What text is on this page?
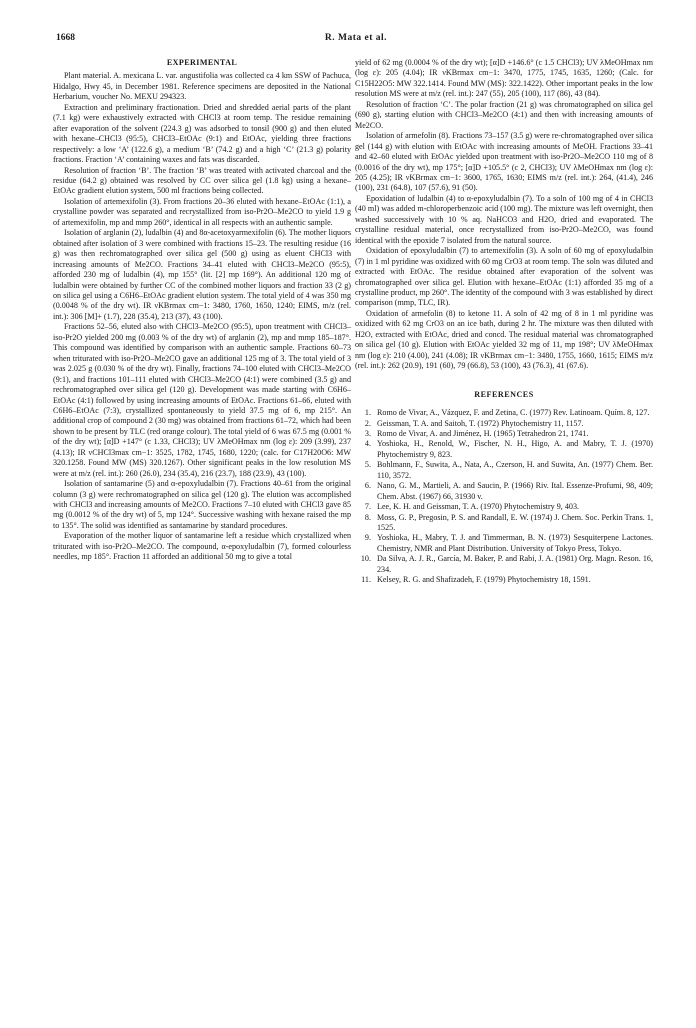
1668	R. Mata et al.
EXPERIMENTAL

Plant material. A. mexicana L. var. angustifolia was collected ca 4 km SSW of Pachuca, Hidalgo, Hwy 45, in December 1981. Reference specimens are deposited in the National Herbarium, voucher No. MEXU 294323.

Extraction and preliminary fractionation. Dried and shredded aerial parts of the plant (7.1 kg) were exhaustively extracted with CHCl3 at room temp. The residue remaining after evaporation of the solvent (224.3 g) was adsorbed to tonsil (900 g) and then eluted with hexane–CHCl3 (95:5), CHCl3–EtOAc (9:1) and EtOAc, yielding three fractions respectively: a low ‘A’ (122.6 g), a medium ‘B’ (74.2 g) and a high ‘C’ (21.3 g) polarity fractions. Fraction ‘A’ containing waxes and fats was discarded.

Resolution of fraction ‘B’. The fraction ‘B’ was treated with activated charcoal and the residue (64.2 g) obtained was resolved by CC over silica gel (1.8 kg) using a hexane–EtOAc gradient elution system, 500 ml fractions being collected.

Isolation of artemexifolin (3). From fractions 20–36 eluted with hexane–EtOAc (1:1), a crystalline powder was separated and recrystallized from iso-Pr2O–Me2CO to yield 1.9 g of artemexifolin, mp and mmp 260°, identical in all respects with an authentic sample.

Isolation of arglanin (2), ludalbin (4) and 8α-acetoxyarmexifolin (6). The mother liquors obtained after isolation of 3 were combined with fractions 15–23. The resulting residue (16 g) was then rechromatographed over silica gel (500 g) using as eluent CHCl3 with increasing amounts of Me2CO. Fractions 34–41 eluted with CHCl3–Me2CO (95:5), afforded 230 mg of ludalbin (4), mp 155° (lit. [2] mp 169°). An additional 120 mg of ludalbin were obtained by further CC of the combined mother liquors and fraction 33 (2 g) on silica gel using a C6H6–EtOAc gradient elution system. The total yield of 4 was 350 mg (0.0048 % of the dry wt). IR νKBrmax cm−1: 3480, 1760, 1650, 1240; EIMS, m/z (rel. int.): 306 [M]+ (1.7), 228 (35.4), 213 (37), 43 (100).

Fractions 52–56, eluted also with CHCl3–Me2CO (95:5), upon treatment with CHCl3–iso-Pr2O yielded 200 mg (0.003 % of the dry wt) of arglanin (2), mp and mmp 185–187°. This compound was identified by comparison with an authentic sample. Fractions 60–73 when triturated with iso-Pr2O–Me2CO gave an additional 125 mg of 3. The total yield of 3 was 2.025 g (0.030 % of the dry wt). Finally, fractions 74–100 eluted with CHCl3–Me2CO (9:1), and fractions 101–111 eluted with CHCl3–Me2CO (4:1) were combined (3.5 g) and rechromatographed over silica gel (120 g). Development was made starting with C6H6–EtOAc (4:1) followed by using increasing amounts of EtOAc. Fractions 61–66, eluted with C6H6–EtOAc (7:3), crystallized spontaneously to yield 37.5 mg of 6, mp 215°. An additional crop of compound 2 (30 mg) was obtained from fractions 61–72, which had been shown to be present by TLC (red orange colour). The total yield of 6 was 67.5 mg (0.001 % of the dry wt); [α]D +147° (c 1.33, CHCl3); UV λMeOHmax nm (log ε): 209 (3.99), 237 (4.13); IR νCHCl3max cm−1: 3525, 1782, 1745, 1680, 1220; (calc. for C17H20O6: MW 320.1258. Found MW (MS) 320.1267). Other significant peaks in the low resolution MS were at m/z (rel. int.): 260 (26.0), 234 (35.4), 216 (23.7), 188 (23.9), 43 (100).

Isolation of santamarine (5) and α-epoxyludalbin (7). Fractions 40–61 from the original column (3 g) were rechromatographed on silica gel (120 g). The elution was accomplished with CHCl3 and increasing amounts of Me2CO. Fractions 7–10 eluted with CHCl3 gave 85 mg (0.0012 % of the dry wt) of 5, mp 124°. Successive washing with hexane raised the mp to 135°. The solid was identified as santamarine by standard procedures.

Evaporation of the mother liquor of santamarine left a residue which crystallized when triturated with iso-Pr2O–Me2CO. The compound, α-epoxyludalbin (7), formed colourless needles, mp 185°. Fraction 11 afforded an additional 50 mg to give a total

yield of 62 mg (0.0004 % of the dry wt); [α]D +146.6° (c 1.5 CHCl3); UV λMeOHmax nm (log ε): 205 (4.04); IR νKBrmax cm−1: 3470, 1775, 1745, 1635, 1260; (Calc. for C15H22O5: MW 322.1414. Found MW (MS): 322.1422). Other important peaks in the low resolution MS were at m/z (rel. int.): 247 (55), 205 (100), 117 (86), 43 (84).

Resolution of fraction ‘C’. The polar fraction (21 g) was chromatographed on silica gel (690 g), starting elution with CHCl3–Me2CO (4:1) and then with increasing amounts of Me2CO.

Isolation of armefolin (8). Fractions 73–157 (3.5 g) were re-chromatographed over silica gel (144 g) with elution with EtOAc with increasing amounts of MeOH. Fractions 33–41 and 42–60 eluted with EtOAc yielded upon treatment with iso-Pr2O–Me2CO 110 mg of 8 (0.0016 of the dry wt), mp 175°; [α]D +105.5° (c 2, CHCl3); UV λMeOHmax nm (log ε): 205 (4.25); IR νKBrmax cm−1: 3600, 1765, 1630; EIMS m/z (rel. int.): 264, (41.4), 246 (100), 231 (64.8), 107 (57.6), 91 (50).

Epoxidation of ludalbin (4) to α-epoxyludalbin (7). To a soln of 100 mg of 4 in CHCl3 (40 ml) was added m-chloroperbenzoic acid (100 mg). The mixture was left overnight, then washed successively with 10 % aq. NaHCO3 and H2O, dried and evaporated. The crystalline residual material, once recrystallized from iso-Pr2O–Me2CO, was found identical with the epoxide 7 isolated from the natural source.

Oxidation of epoxyludalbin (7) to artemexifolin (3). A soln of 60 mg of epoxyludalbin (7) in 1 ml pyridine was oxidized with 60 mg CrO3 at room temp. The soln was diluted and extracted with EtOAc. The residue obtained after evaporation of the solvent was chromatographed over silica gel. Elution with hexane–EtOAc (1:1) afforded 35 mg of a crystalline product, mp 260°. The identity of the compound with 3 was established by direct comparison (mmp, TLC, IR).

Oxidation of armefolin (8) to ketone 11. A soln of 42 mg of 8 in 1 ml pyridine was oxidized with 62 mg CrO3 on an ice bath, during 2 hr. The mixture was then diluted with H2O, extracted with EtOAc, dried and concd. The residual material was chromatographed on silica gel (10 g). Elution with EtOAc yielded 32 mg of 11, mp 198°; UV λMeOHmax nm (log ε): 210 (4.00), 241 (4.08); IR νKBrmax cm−1: 3480, 1755, 1660, 1615; EIMS m/z (rel. int.): 262 (20.9), 191 (60), 79 (66.8), 53 (100), 43 (76.3), 41 (67.6).

REFERENCES
1. Romo de Vivar, A., Vázquez, F. and Zetina, C. (1977) Rev. Latinoam. Quím. 8, 127.
2. Geissman, T. A. and Saitoh, T. (1972) Phytochemistry 11, 1157.
3. Romo de Vivar, A. and Jiménez, H. (1965) Tetrahedron 21, 1741.
4. Yoshioka, H., Renold, W., Fischer, N. H., Higo, A. and Mabry, T. J. (1970) Phytochemistry 9, 823.
5. Bohlmann, F., Suwita, A., Nata, A., Czerson, H. and Suwita, An. (1977) Chem. Ber. 110, 3572.
6. Nano, G. M., Martieli, A. and Saucin, P. (1966) Riv. Ital. Essenze-Profumi, 98, 409; Chem. Abst. (1967) 66, 31930 v.
7. Lee, K. H. and Geissman, T. A. (1970) Phytochemistry 9, 403.
8. Moss, G. P., Pregosin, P. S. and Randall, E. W. (1974) J. Chem. Soc. Perkin Trans. 1, 1525.
9. Yoshioka, H., Mabry, T. J. and Timmerman, B. N. (1973) Sesquiterpene Lactones. Chemistry, NMR and Plant Distribution. University of Tokyo Press, Tokyo.
10. Da Silva, A. J. R., García, M. Baker, P. and Rabi, J. A. (1981) Org. Magn. Reson. 16, 234.
11. Kelsey, R. G. and Shafizadeh, F. (1979) Phytochemistry 18, 1591.
